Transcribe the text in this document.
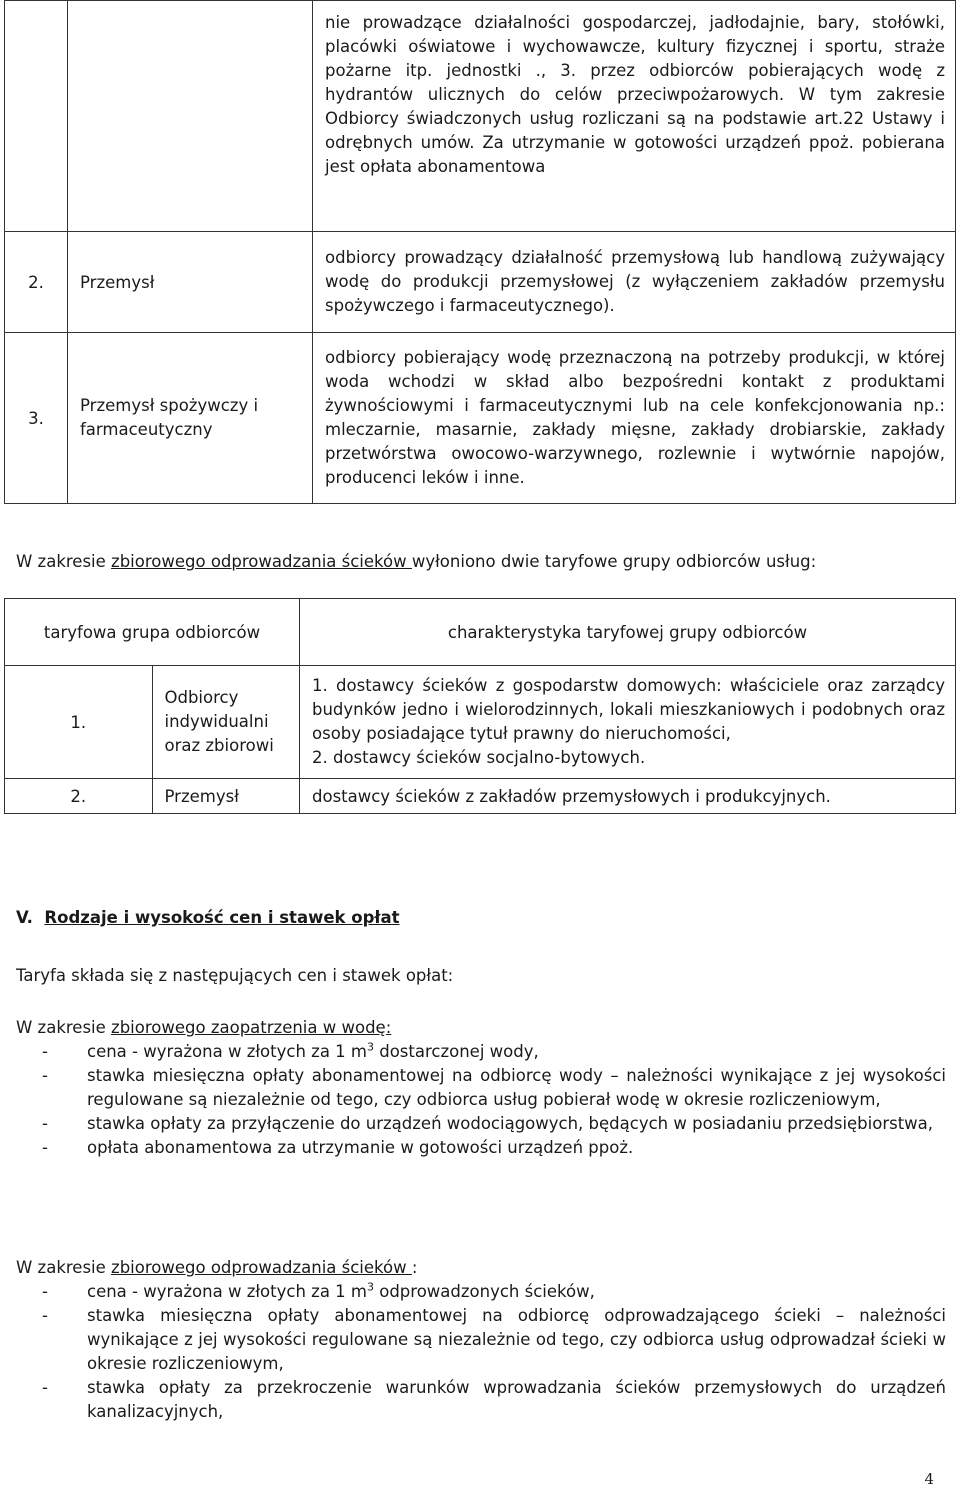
		nie prowadzące działalności gospodarczej, jadłodajnie, bary, stołówki, placówki oświatowe i wychowawcze, kultury fizycznej i sportu, straże pożarne itp. jednostki ., 3. przez odbiorców pobierających wodę z hydrantów ulicznych do celów przeciwpożarowych. W tym zakresie Odbiorcy świadczonych usług rozliczani są na podstawie art.22 Ustawy i odrębnych umów. Za utrzymanie w gotowości urządzeń ppoż. pobierana jest opłata abonamentowa
2.	Przemysł	odbiorcy prowadzący działalność przemysłową lub handlową zużywający wodę do produkcji przemysłowej (z wyłączeniem zakładów przemysłu spożywczego i farmaceutycznego).
3.	Przemysł spożywczy i farmaceutyczny	odbiorcy pobierający wodę przeznaczoną na potrzeby produkcji, w której woda wchodzi w skład albo bezpośredni kontakt z produktami żywnościowymi i farmaceutycznymi lub na cele konfekcjonowania np.: mleczarnie, masarnie, zakłady mięsne, zakłady drobiarskie, zakłady przetwórstwa owocowo-warzywnego, rozlewnie i wytwórnie napojów, producenci leków i inne.
W zakresie zbiorowego odprowadzania ścieków wyłoniono dwie taryfowe grupy odbiorców usług:
taryfowa grupa odbiorców		charakterystyka taryfowej grupy odbiorców
1.	Odbiorcy indywidualni oraz zbiorowi	1. dostawcy ścieków z gospodarstw domowych: właściciele oraz zarządcy budynków jedno i wielorodzinnych, lokali mieszkaniowych i podobnych oraz osoby posiadające tytuł prawny do nieruchomości,
2. dostawcy ścieków socjalno-bytowych.

2.	Przemysł	dostawcy ścieków z zakładów przemysłowych i produkcyjnych.
V. Rodzaje i wysokość cen i stawek opłat
Taryfa składa się z następujących cen i stawek opłat:
W zakresie zbiorowego zaopatrzenia w wodę:
- cena - wyrażona w złotych za 1 $m^3$ dostarczonej wody,
- stawka miesięczna opłaty abonamentowej na odbiorcę wody – należności wynikające z jej wysokości regulowane są niezależnie od tego, czy odbiorca usług pobierał wodę w okresie rozliczeniowym,
- stawka opłaty za przyłączenie do urządzeń wodociągowych, będących w posiadaniu przedsiębiorstwa,
- opłata abonamentowa za utrzymanie w gotowości urządzeń ppoż.
W zakresie zbiorowego odprowadzania ścieków :
- cena - wyrażona w złotych za 1 $m^3$ odprowadzonych ścieków,
- stawka miesięczna opłaty abonamentowej na odbiorcę odprowadzającego ścieki – należności wynikające z jej wysokości regulowane są niezależnie od tego, czy odbiorca usług odprowadzał ścieki w okresie rozliczeniowym,
- stawka opłaty za przekroczenie warunków wprowadzania ścieków przemysłowych do urządzeń kanalizacyjnych,
4
